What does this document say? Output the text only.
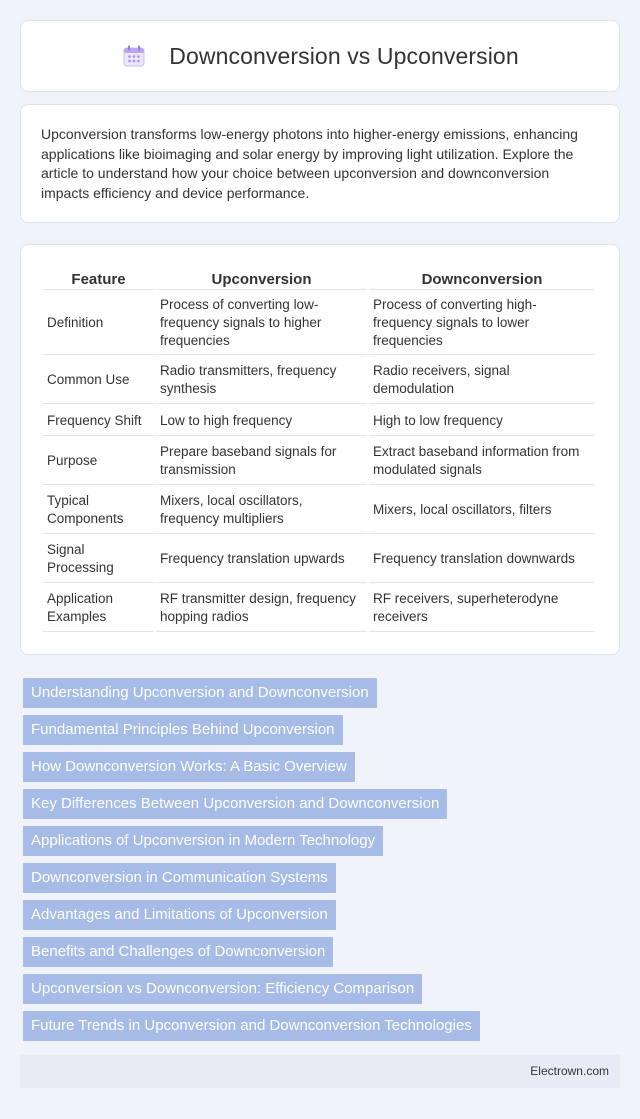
Downconversion vs Upconversion

Upconversion transforms low-energy photons into higher-energy emissions, enhancing applications like bioimaging and solar energy by improving light utilization. Explore the article to understand how your choice between upconversion and downconversion impacts efficiency and device performance.

Feature	Upconversion	Downconversion
Definition	Process of converting low-frequency signals to higher frequencies	Process of converting high-frequency signals to lower frequencies
Common Use	Radio transmitters, frequency synthesis	Radio receivers, signal demodulation
Frequency Shift	Low to high frequency	High to low frequency
Purpose	Prepare baseband signals for transmission	Extract baseband information from modulated signals
Typical Components	Mixers, local oscillators, frequency multipliers	Mixers, local oscillators, filters
Signal Processing	Frequency translation upwards	Frequency translation downwards
Application Examples	RF transmitter design, frequency hopping radios	RF receivers, superheterodyne receivers
Understanding Upconversion and Downconversion
Fundamental Principles Behind Upconversion
How Downconversion Works: A Basic Overview
Key Differences Between Upconversion and Downconversion
Applications of Upconversion in Modern Technology
Downconversion in Communication Systems
Advantages and Limitations of Upconversion
Benefits and Challenges of Downconversion
Upconversion vs Downconversion: Efficiency Comparison
Future Trends in Upconversion and Downconversion Technologies
Electrown.com
